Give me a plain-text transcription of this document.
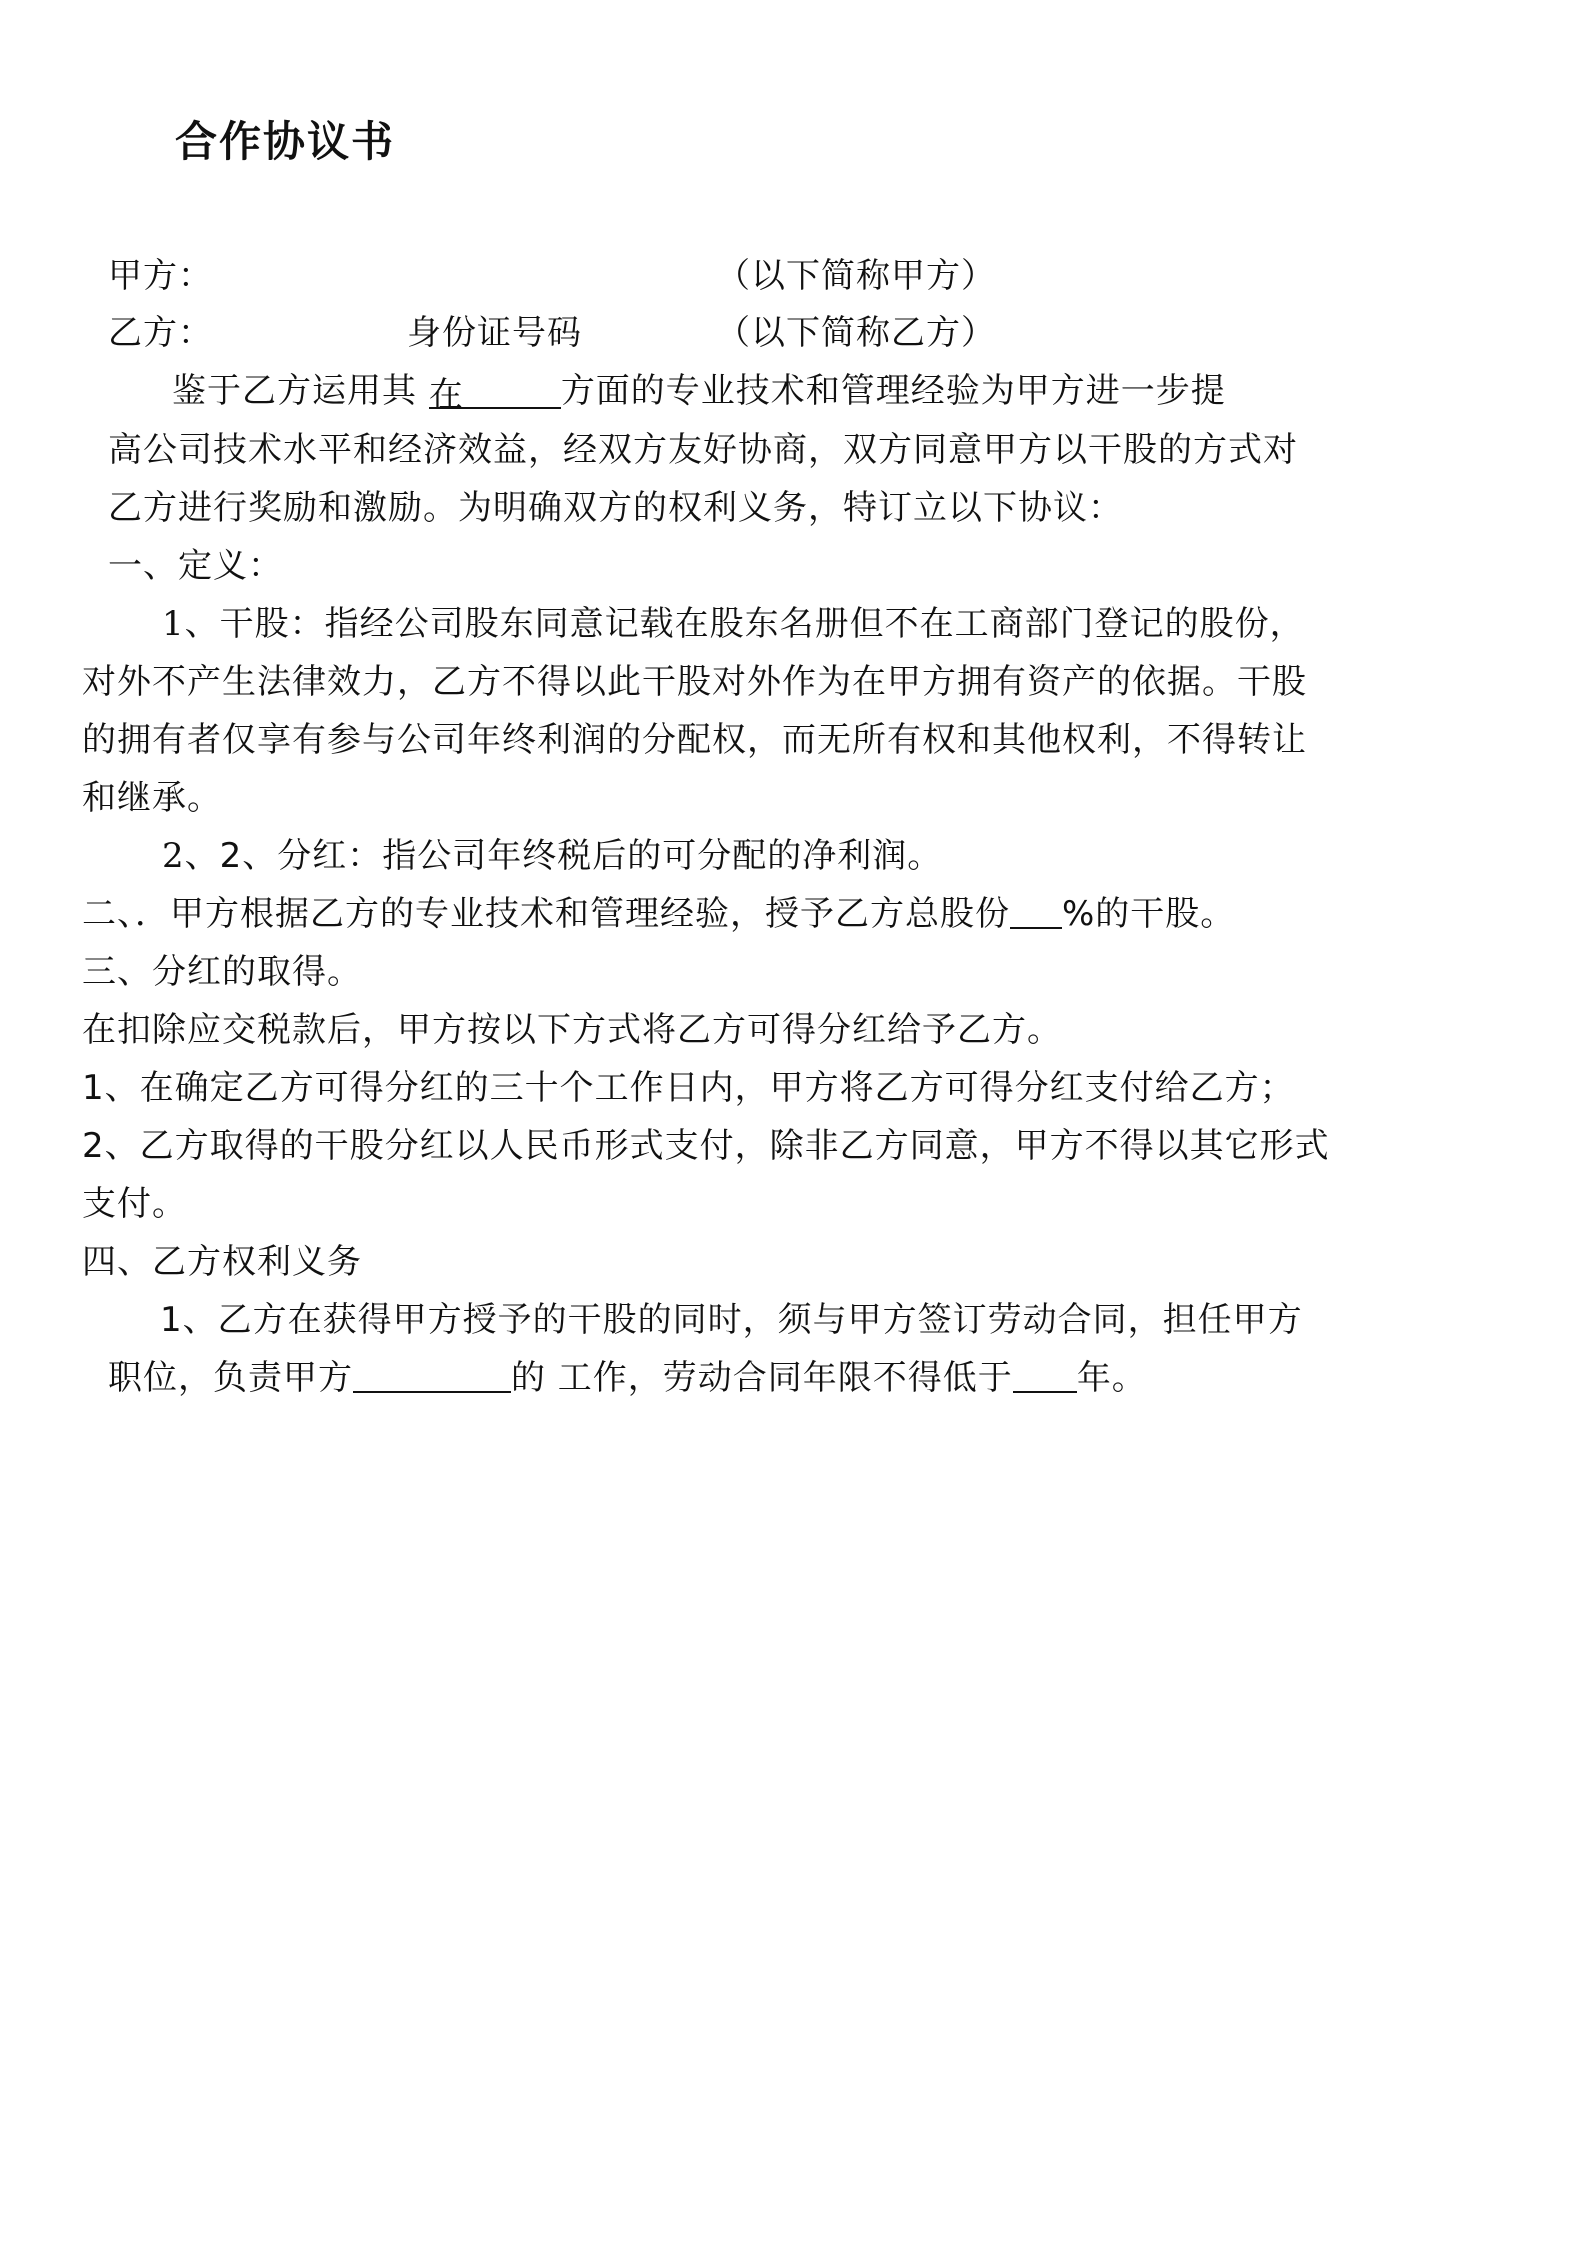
合作协议书
甲方：	（以下简称甲方）
乙方：	身份证号码	（以下简称乙方）
鉴于乙方运用其 在	方面的专业技术和管理经验为甲方进一步提
高公司技术水平和经济效益，经双方友好协商，双方同意甲方以干股的方式对
乙方进行奖励和激励。为明确双方的权利义务，特订立以下协议：
一、定义：
1、干股：指经公司股东同意记载在股东名册但不在工商部门登记的股份，
对外不产生法律效力，乙方不得以此干股对外作为在甲方拥有资产的依据。干股
的拥有者仅享有参与公司年终利润的分配权，而无所有权和其他权利，不得转让
和继承。
2、2、分红：指公司年终税后的可分配的净利润。
二、．甲方根据乙方的专业技术和管理经验，授予乙方总股份 %的干股。
三、分红的取得。
在扣除应交税款后，甲方按以下方式将乙方可得分红给予乙方。
1、在确定乙方可得分红的三十个工作日内，甲方将乙方可得分红支付给乙方；
2、乙方取得的干股分红以人民币形式支付，除非乙方同意，甲方不得以其它形式
支付。
四、乙方权利义务
1、乙方在获得甲方授予的干股的同时，须与甲方签订劳动合同，担任甲方
职位，负责甲方	的 工作，劳动合同年限不得低于 年。
